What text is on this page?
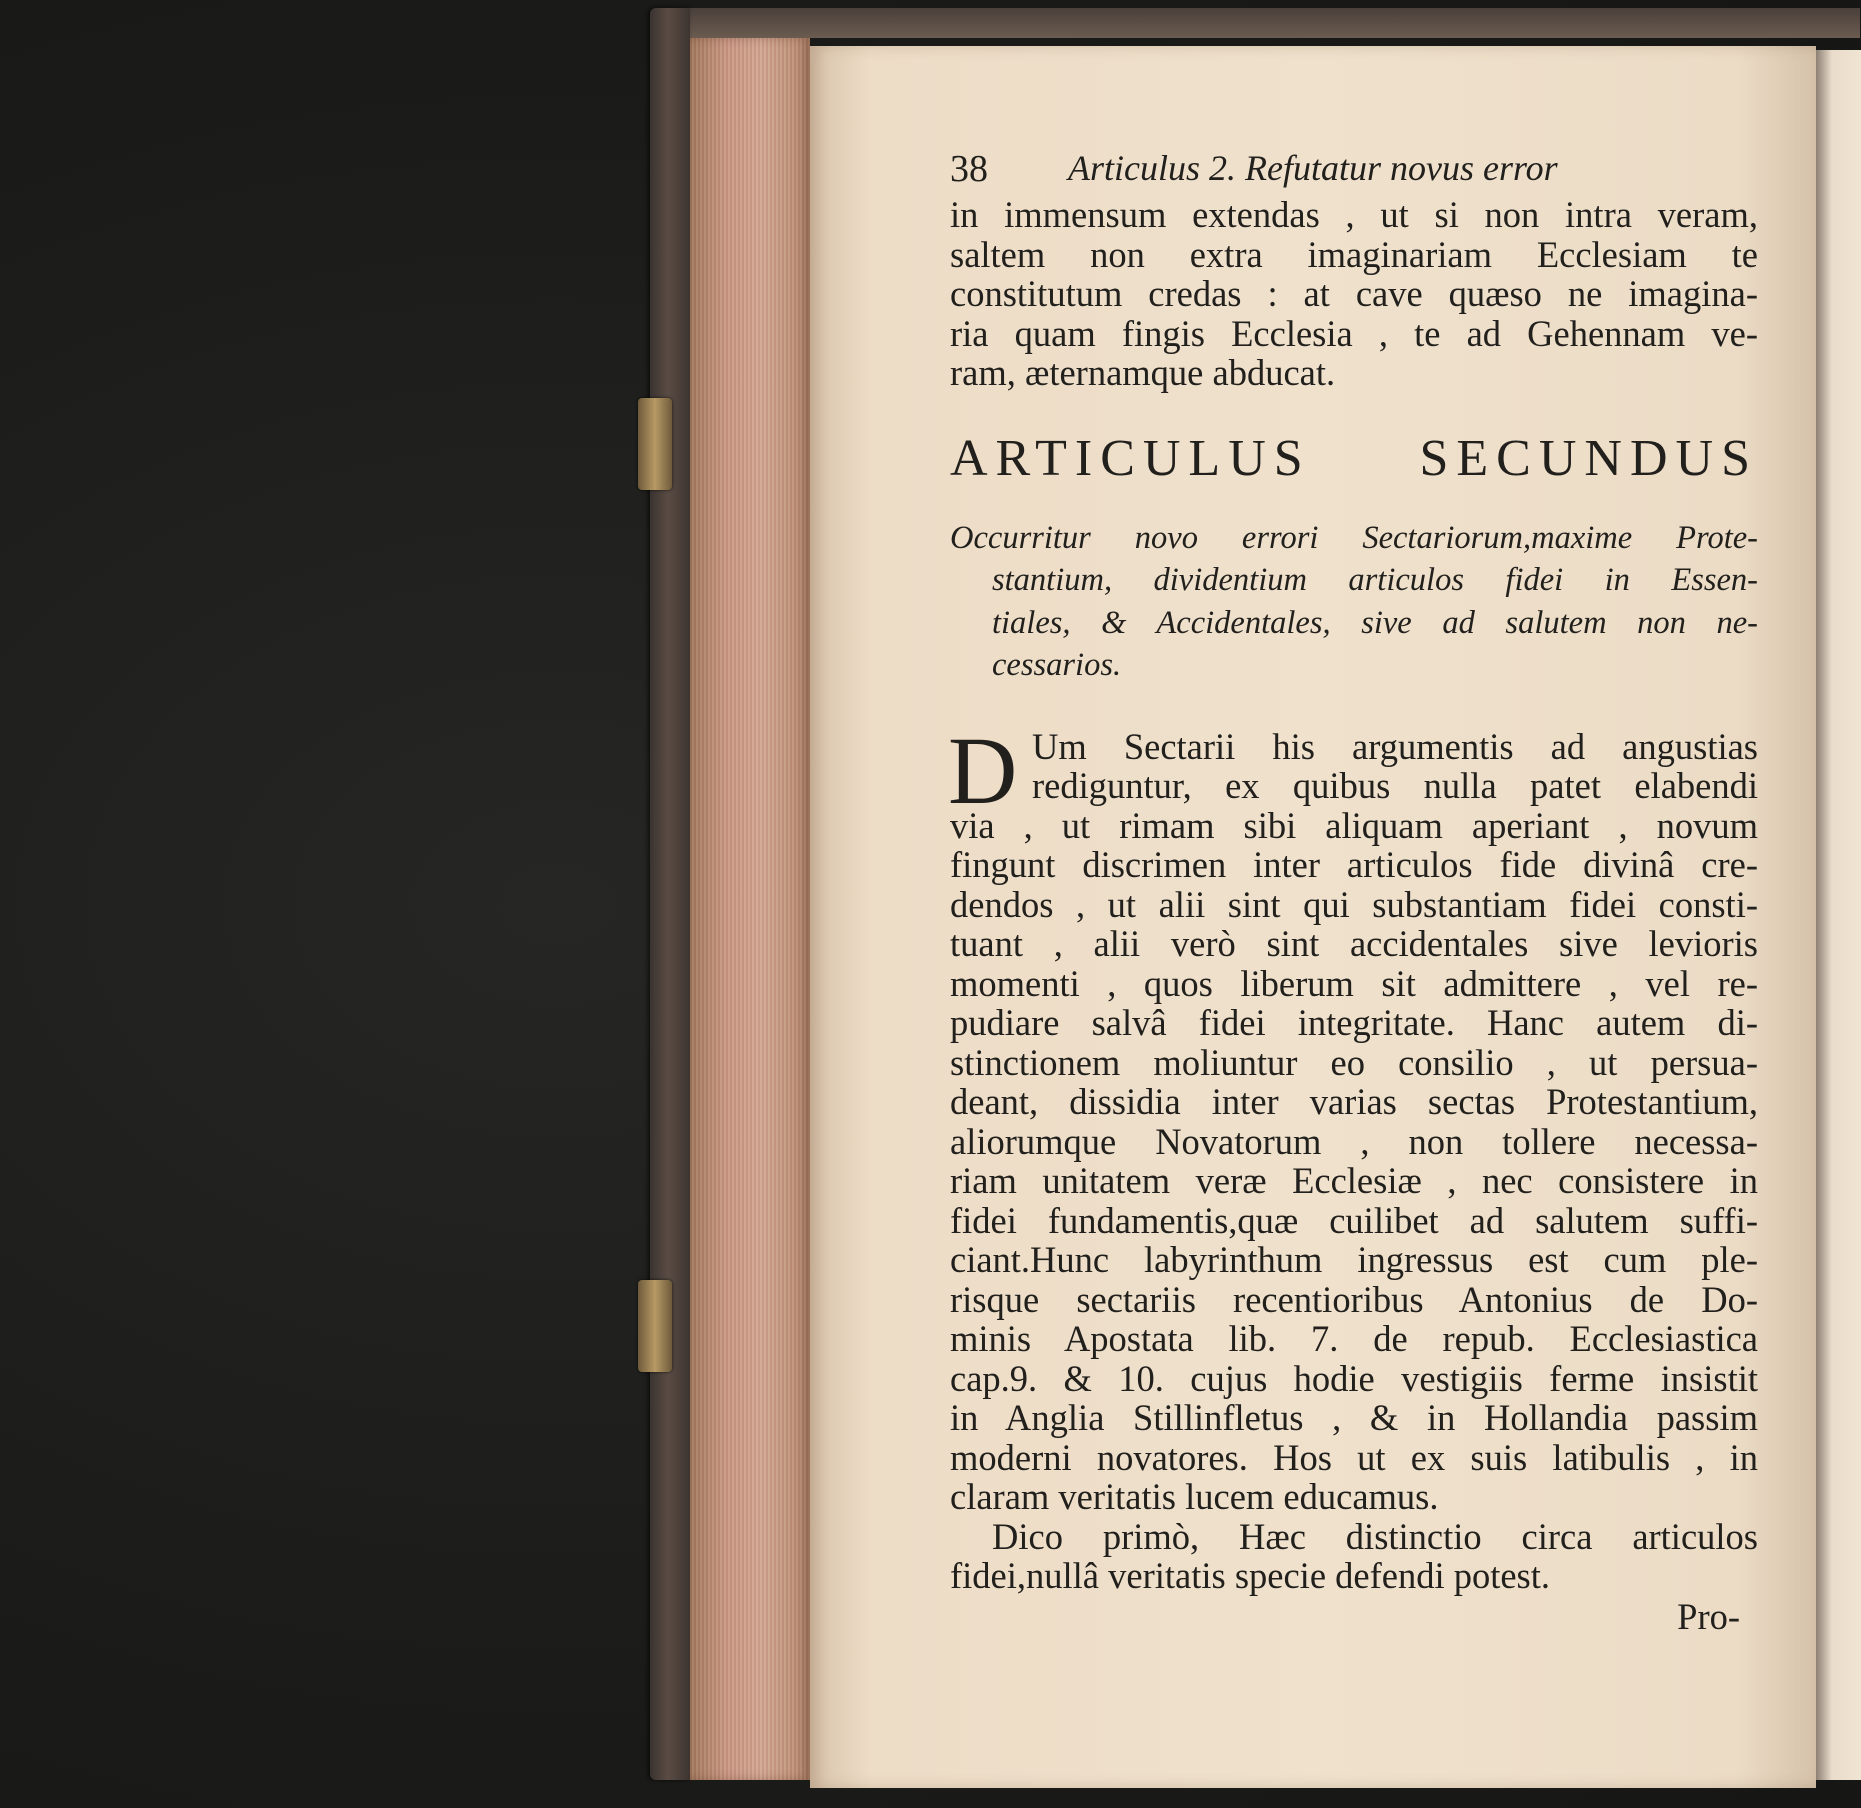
38 Articulus 2. Refutatur novus error
in immensum extendas , ut si non intra veram,
saltem non extra imaginariam Ecclesiam te
constitutum credas : at cave quæso ne imagina-
ria quam fingis Ecclesia , te ad Gehennam ve-
ram, æternamque abducat.
ARTICULUS SECUNDUS
Occurritur novo errori Sectariorum,maxime Prote-
stantium, dividentium articulos fidei in Essen-
tiales, & Accidentales, sive ad salutem non ne-
cessarios.
D Um Sectarii his argumentis ad angustias
rediguntur, ex quibus nulla patet elabendi
via , ut rimam sibi aliquam aperiant , novum
fingunt discrimen inter articulos fide divinâ cre-
dendos , ut alii sint qui substantiam fidei consti-
tuant , alii verò sint accidentales sive levioris
momenti , quos liberum sit admittere , vel re-
pudiare salvâ fidei integritate. Hanc autem di-
stinctionem moliuntur eo consilio , ut persua-
deant, dissidia inter varias sectas Protestantium,
aliorumque Novatorum , non tollere necessa-
riam unitatem veræ Ecclesiæ , nec consistere in
fidei fundamentis,quæ cuilibet ad salutem suffi-
ciant.Hunc labyrinthum ingressus est cum ple-
risque sectariis recentioribus Antonius de Do-
minis Apostata lib. 7. de repub. Ecclesiastica
cap.9. & 10. cujus hodie vestigiis ferme insistit
in Anglia Stillinfletus , & in Hollandia passim
moderni novatores. Hos ut ex suis latibulis , in
claram veritatis lucem educamus.
Dico primò, Hæc distinctio circa articulos
fidei,nullâ veritatis specie defendi potest.
Pro-
